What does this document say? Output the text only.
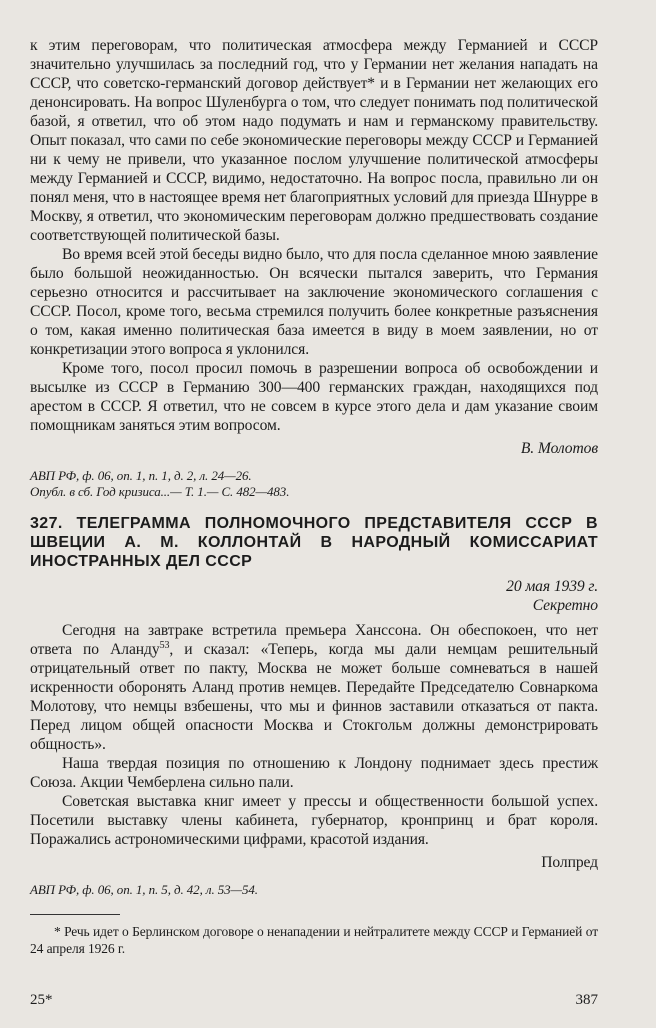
к этим переговорам, что политическая атмосфера между Германией и СССР значительно улучшилась за последний год, что у Германии нет желания нападать на СССР, что советско-германский договор действует* и в Германии нет желающих его денонсировать. На вопрос Шуленбурга о том, что следует понимать под политической базой, я ответил, что об этом надо подумать и нам и германскому правительству. Опыт показал, что сами по себе экономические переговоры между СССР и Германией ни к чему не привели, что указанное послом улучшение политической атмосферы между Германией и СССР, видимо, недостаточно. На вопрос посла, правильно ли он понял меня, что в настоящее время нет благоприятных условий для приезда Шнурре в Москву, я ответил, что экономическим переговорам должно предшествовать создание соответствующей политической базы.

Во время всей этой беседы видно было, что для посла сделанное мною заявление было большой неожиданностью. Он всячески пытался заверить, что Германия серьезно относится и рассчитывает на заключение экономического соглашения с СССР. Посол, кроме того, весьма стремился получить более конкретные разъяснения о том, какая именно политическая база имеется в виду в моем заявлении, но от конкретизации этого вопроса я уклонился.

Кроме того, посол просил помочь в разрешении вопроса об освобождении и высылке из СССР в Германию 300—400 германских граждан, находящихся под арестом в СССР. Я ответил, что не совсем в курсе этого дела и дам указание своим помощникам заняться этим вопросом.

В. Молотов

АВП РФ, ф. 06, оп. 1, п. 1, д. 2, л. 24—26.
Опубл. в сб. Год кризиса...— Т. 1.— С. 482—483.
327. ТЕЛЕГРАММА ПОЛНОМОЧНОГО ПРЕДСТАВИТЕЛЯ СССР В ШВЕЦИИ А. М. КОЛЛОНТАЙ В НАРОДНЫЙ КОМИССАРИАТ ИНОСТРАННЫХ ДЕЛ СССР
20 мая 1939 г.
Секретно

Сегодня на завтраке встретила премьера Хансcона. Он обеспокоен, что нет ответа по Аланду$^{53}$, и сказал: «Теперь, когда мы дали немцам решительный отрицательный ответ по пакту, Москва не может больше сомневаться в нашей искренности оборонять Аланд против немцев. Передайте Председателю Совнаркома Молотову, что немцы взбешены, что мы и финнов заставили отказаться от пакта. Перед лицом общей опасности Москва и Стокгольм должны демонстрировать общность».

Наша твердая позиция по отношению к Лондону поднимает здесь престиж Союза. Акции Чемберлена сильно пали.

Советская выставка книг имеет у прессы и общественности большой успех. Посетили выставку члены кабинета, губернатор, кронпринц и брат короля. Поражались астрономическими цифрами, красотой издания.

Полпред

АВП РФ, ф. 06, оп. 1, п. 5, д. 42, л. 53—54.

* Речь идет о Берлинском договоре о ненападении и нейтралитете между СССР и Германией от 24 апреля 1926 г.

25*	387
